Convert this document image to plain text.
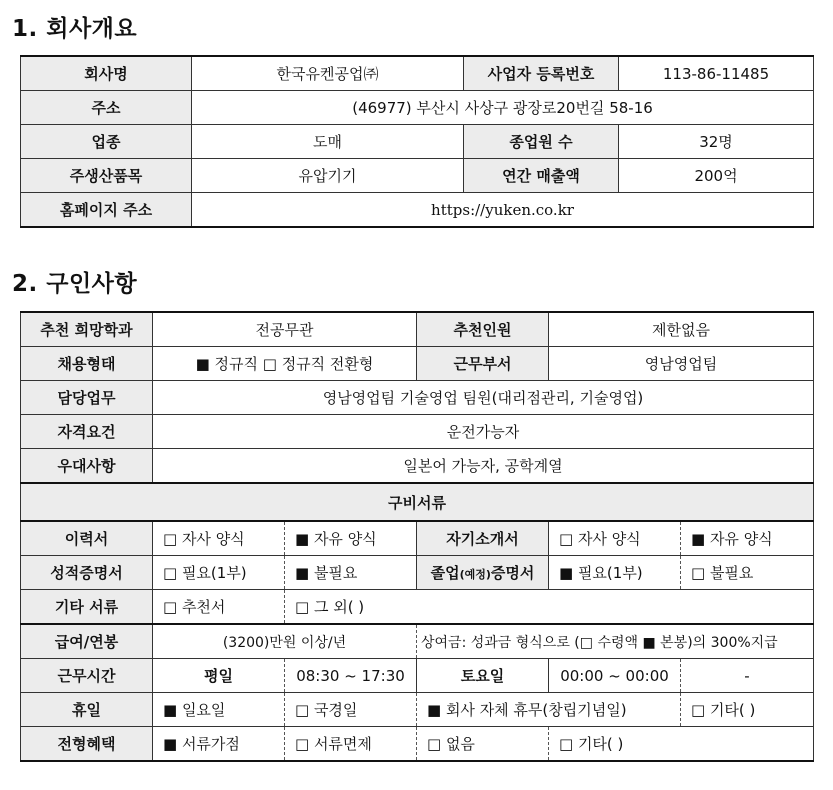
1. 회사개요
회사명	한국유켄공업㈜	사업자 등록번호	113-86-11485
주소	(46977) 부산시 사상구 광장로20번길 58-16		
업종	도매	종업원 수	32명
주생산품목	유압기기	연간 매출액	200억
홈페이지 주소	https://yuken.co.kr		
2. 구인사항
추천 희망학과	전공무관		추천인원	제한없음	
채용형태	■ 정규직 □ 정규직 전환형		근무부서	영남영업팀	
담당업무	영남영업팀 기술영업 팀원(대리점관리, 기술영업)				
자격요건	운전가능자				
우대사항	일본어 가능자, 공학계열				
구비서류					
이력서	□ 자사 양식	■ 자유 양식	자기소개서	□ 자사 양식	■ 자유 양식
성적증명서	□ 필요(1부)	■ 불필요	졸업(예정)증명서	■ 필요(1부)	□ 불필요
기타 서류	□ 추천서	□ 그 외( )			
급여/연봉	(3200)만원 이상/년		상여금: 성과금 형식으로 (□ 수령액 ■ 본봉)의 300%지급		
근무시간	평일	08:30 ~ 17:30	토요일	00:00 ~ 00:00	-
휴일	■ 일요일	□ 국경일	■ 회사 자체 휴무(창립기념일)		□ 기타( )
전형혜택	■ 서류가점	□ 서류면제	□ 없음	□ 기타( )	
